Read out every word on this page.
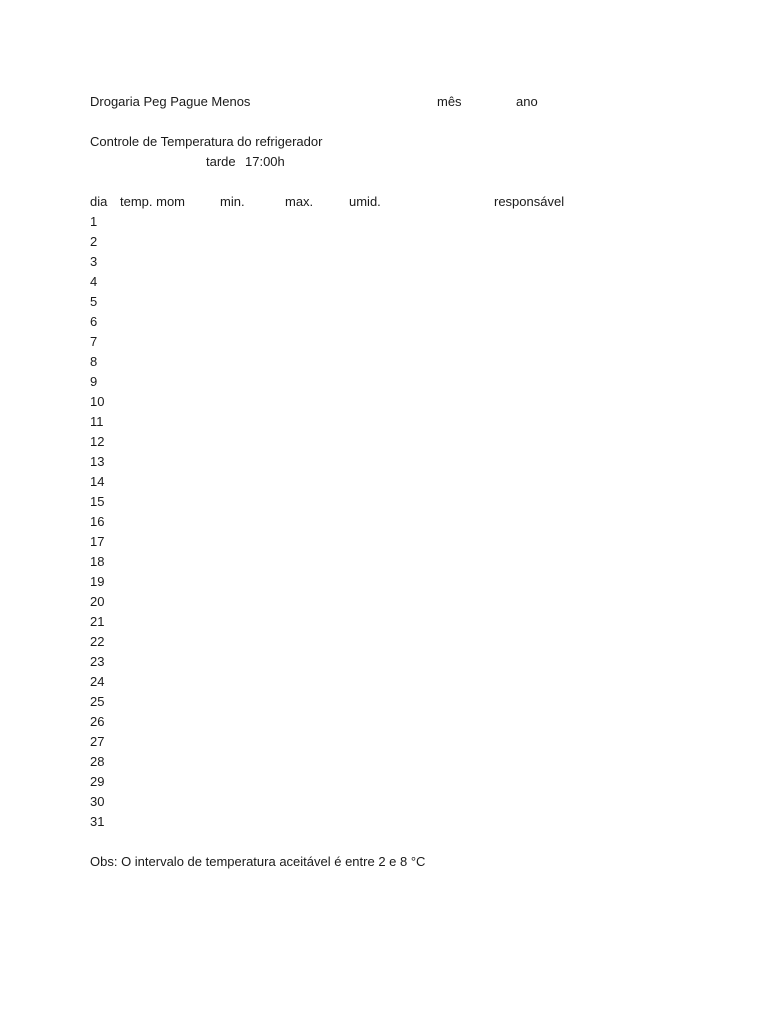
Drogaria Peg Pague Menos	mês	ano
Controle de Temperatura do refrigerador
tarde 17:00h
dia temp. mom	min.	max.	umid.	responsável
1
2
3
4
5
6
7
8
9
10
11
12
13
14
15
16
17
18
19
20
21
22
23
24
25
26
27
28
29
30
31
Obs: O intervalo de temperatura aceitável é entre 2 e 8 °C
